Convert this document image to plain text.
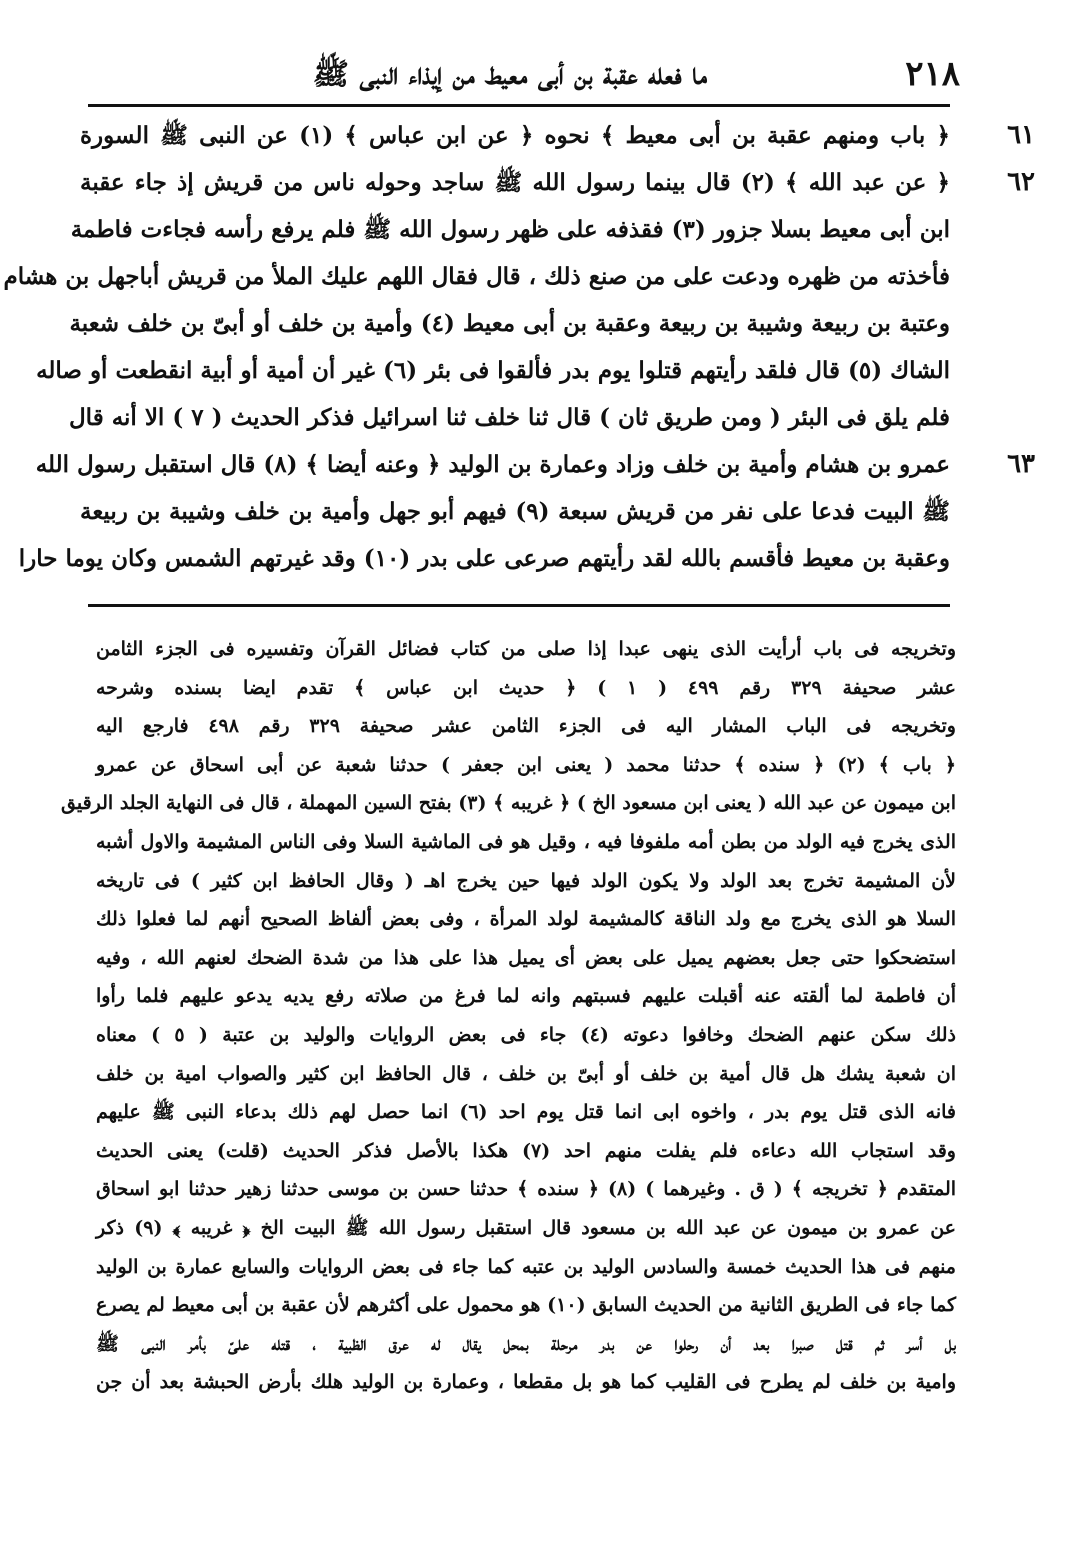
٢١٨
ما فعله عقبة بن أبى معيط من إيذاء النبى ﷺ
٦١
﴿ باب ومنهم عقبة بن أبى معيط ﴾ نحوه ﴿ عن ابن عباس ﴾ (١) عن النبى ﷺ السورة
٦٢
﴿ عن عبد الله ﴾ (٢) قال بينما رسول الله ﷺ ساجد وحوله ناس من قريش إذ جاء عقبة
ابن أبى معيط بسلا جزور (٣) فقذفه على ظهر رسول الله ﷺ فلم يرفع رأسه فجاءت فاطمة
فأخذته من ظهره ودعت على من صنع ذلك ، قال فقال اللهم عليك الملأ من قريش أباجهل بن هشام
وعتبة بن ربيعة وشيبة بن ربيعة وعقبة بن أبى معيط (٤) وأمية بن خلف أو أبىّ بن خلف شعبة
الشاك (٥) قال فلقد رأيتهم قتلوا يوم بدر فألقوا فى بئر (٦) غير أن أمية أو أبية انقطعت أو صاله
فلم يلق فى البئر ( ومن طريق ثان ) قال ثنا خلف ثنا اسرائيل فذكر الحديث ( ٧ ) الا أنه قال
٦٣
عمرو بن هشام وأمية بن خلف وزاد وعمارة بن الوليد ﴿ وعنه أيضا ﴾ (٨) قال استقبل رسول الله
ﷺ البيت فدعا على نفر من قريش سبعة (٩) فيهم أبو جهل وأمية بن خلف وشيبة بن ربيعة
وعقبة بن معيط فأقسم بالله لقد رأيتهم صرعى على بدر (١٠) وقد غيرتهم الشمس وكان يوما حارا
وتخريجه فى باب أرأيت الذى ينهى عبدا إذا صلى من كتاب فضائل القرآن وتفسيره فى الجزء الثامن
عشر صحيفة ٣٢٩ رقم ٤٩٩ ( ١ ) ﴿ حديث ابن عباس ﴾ تقدم ايضا بسنده وشرحه
وتخريجه فى الباب المشار اليه فى الجزء الثامن عشر صحيفة ٣٢٩ رقم ٤٩٨ فارجع اليه
﴿ باب ﴾ (٢) ﴿ سنده ﴾ حدثنا محمد ( يعنى ابن جعفر ) حدثنا شعبة عن أبى اسحاق عن عمرو
ابن ميمون عن عبد الله ( يعنى ابن مسعود الخ ) ﴿ غريبه ﴾ (٣) بفتح السين المهملة ، قال فى النهاية الجلد الرقيق
الذى يخرج فيه الولد من بطن أمه ملفوفا فيه ، وقيل هو فى الماشية السلا وفى الناس المشيمة والاول أشبه
لأن المشيمة تخرج بعد الولد ولا يكون الولد فيها حين يخرج اهـ ( وقال الحافظ ابن كثير ) فى تاريخه
السلا هو الذى يخرج مع ولد الناقة كالمشيمة لولد المرأة ، وفى بعض ألفاظ الصحيح أنهم لما فعلوا ذلك
استضحكوا حتى جعل بعضهم يميل على بعض أى يميل هذا على هذا من شدة الضحك لعنهم الله ، وفيه
أن فاطمة لما ألقته عنه أقبلت عليهم فسبتهم وانه لما فرغ من صلاته رفع يديه يدعو عليهم فلما رأوا
ذلك سكن عنهم الضحك وخافوا دعوته (٤) جاء فى بعض الروايات والوليد بن عتبة ( ٥ ) معناه
ان شعبة يشك هل قال أمية بن خلف أو أبىّ بن خلف ، قال الحافظ ابن كثير والصواب امية بن خلف
فانه الذى قتل يوم بدر ، واخوه ابى انما قتل يوم احد (٦) انما حصل لهم ذلك بدعاء النبى ﷺ عليهم
وقد استجاب الله دعاءه فلم يفلت منهم احد (٧) هكذا بالأصل فذكر الحديث (قلت) يعنى الحديث
المتقدم ﴿ تخريجه ﴾ ( ق . وغيرهما ) (٨) ﴿ سنده ﴾ حدثنا حسن بن موسى حدثنا زهير حدثنا ابو اسحاق
عن عمرو بن ميمون عن عبد الله بن مسعود قال استقبل رسول الله ﷺ البيت الخ ﴿ غريبه ﴾ (٩) ذكر
منهم فى هذا الحديث خمسة والسادس الوليد بن عتبه كما جاء فى بعض الروايات والسابع عمارة بن الوليد
كما جاء فى الطريق الثانية من الحديث السابق (١٠) هو محمول على أكثرهم لأن عقبة بن أبى معيط لم يصرع
بل أسر ثم قتل صبرا بعد أن رحلوا عن بدر مرحلة بمحل يقال له عرق الظبية ، قتله علىّ بأمر النبى ﷺ
وامية بن خلف لم يطرح فى القليب كما هو بل مقطعا ، وعمارة بن الوليد هلك بأرض الحبشة بعد أن جن
